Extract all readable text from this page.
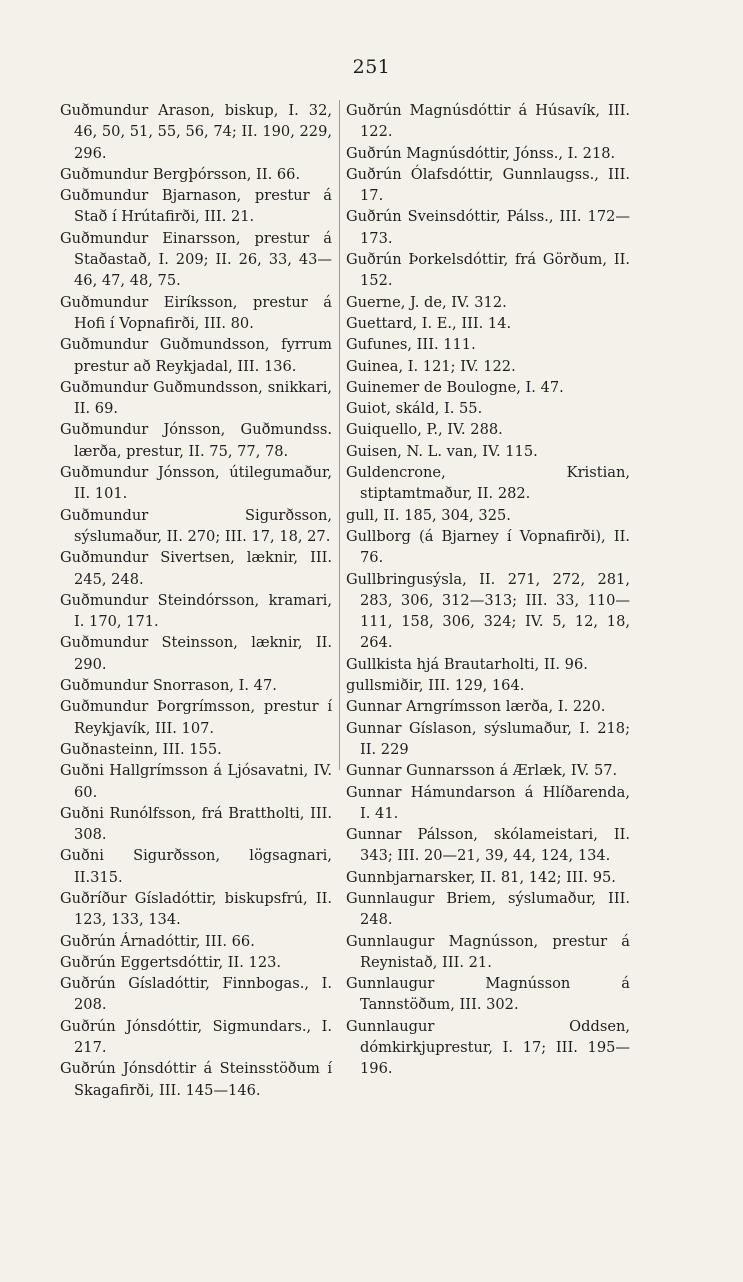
251
Guðmundur Arason, biskup, I. 32, 46, 50, 51, 55, 56, 74; II. 190, 229, 296.
Guðmundur Bergþórsson, II. 66.
Guðmundur Bjarnason, prestur á Stað í Hrútafirði, III. 21.
Guðmundur Einarsson, prestur á Staðastað, I. 209; II. 26, 33, 43—46, 47, 48, 75.
Guðmundur Eiríksson, prestur á Hofi í Vopnafirði, III. 80.
Guðmundur Guðmundsson, fyrrum prestur að Reykjadal, III. 136.
Guðmundur Guðmundsson, snikkari, II. 69.
Guðmundur Jónsson, Guðmundss. lærða, prestur, II. 75, 77, 78.
Guðmundur Jónsson, útilegumaður, II. 101.
Guðmundur Sigurðsson, sýslumaður, II. 270; III. 17, 18, 27.
Guðmundur Sivertsen, læknir, III. 245, 248.
Guðmundur Steindórsson, kramari, I. 170, 171.
Guðmundur Steinsson, læknir, II. 290.
Guðmundur Snorrason, I. 47.
Guðmundur Þorgrímsson, prestur í Reykjavík, III. 107.
Guðnasteinn, III. 155.
Guðni Hallgrímsson á Ljósavatni, IV. 60.
Guðni Runólfsson, frá Brattholti, III. 308.
Guðni Sigurðsson, lögsagnari, II.315.
Guðríður Gísladóttir, biskupsfrú, II. 123, 133, 134.
Guðrún Árnadóttir, III. 66.
Guðrún Eggertsdóttir, II. 123.
Guðrún Gísladóttir, Finnbogas., I. 208.
Guðrún Jónsdóttir, Sigmundars., I. 217.
Guðrún Jónsdóttir á Steinsstöðum í Skagafirði, III. 145—146.
Guðrún Magnúsdóttir á Húsavík, III. 122.
Guðrún Magnúsdóttir, Jónss., I. 218.
Guðrún Ólafsdóttir, Gunnlaugss., III. 17.
Guðrún Sveinsdóttir, Pálss., III. 172—173.
Guðrún Þorkelsdóttir, frá Görðum, II. 152.
Guerne, J. de, IV. 312.
Guettard, I. E., III. 14.
Gufunes, III. 111.
Guinea, I. 121; IV. 122.
Guinemer de Boulogne, I. 47.
Guiot, skáld, I. 55.
Guiquello, P., IV. 288.
Guisen, N. L. van, IV. 115.
Guldencrone, Kristian, stiptamtmaður, II. 282.
gull, II. 185, 304, 325.
Gullborg (á Bjarney í Vopnafirði), II. 76.
Gullbringusýsla, II. 271, 272, 281, 283, 306, 312—313; III. 33, 110—111, 158, 306, 324; IV. 5, 12, 18, 264.
Gullkista hjá Brautarholti, II. 96.
gullsmiðir, III. 129, 164.
Gunnar Arngrímsson lærða, I. 220.
Gunnar Gíslason, sýslumaður, I. 218; II. 229
Gunnar Gunnarsson á Ærlæk, IV. 57.
Gunnar Hámundarson á Hlíðarenda, I. 41.
Gunnar Pálsson, skólameistari, II. 343; III. 20—21, 39, 44, 124, 134.
Gunnbjarnarsker, II. 81, 142; III. 95.
Gunnlaugur Briem, sýslumaður, III. 248.
Gunnlaugur Magnússon, prestur á Reynistað, III. 21.
Gunnlaugur Magnússon á Tannstöðum, III. 302.
Gunnlaugur Oddsen, dómkirkjuprestur, I. 17; III. 195—196.
